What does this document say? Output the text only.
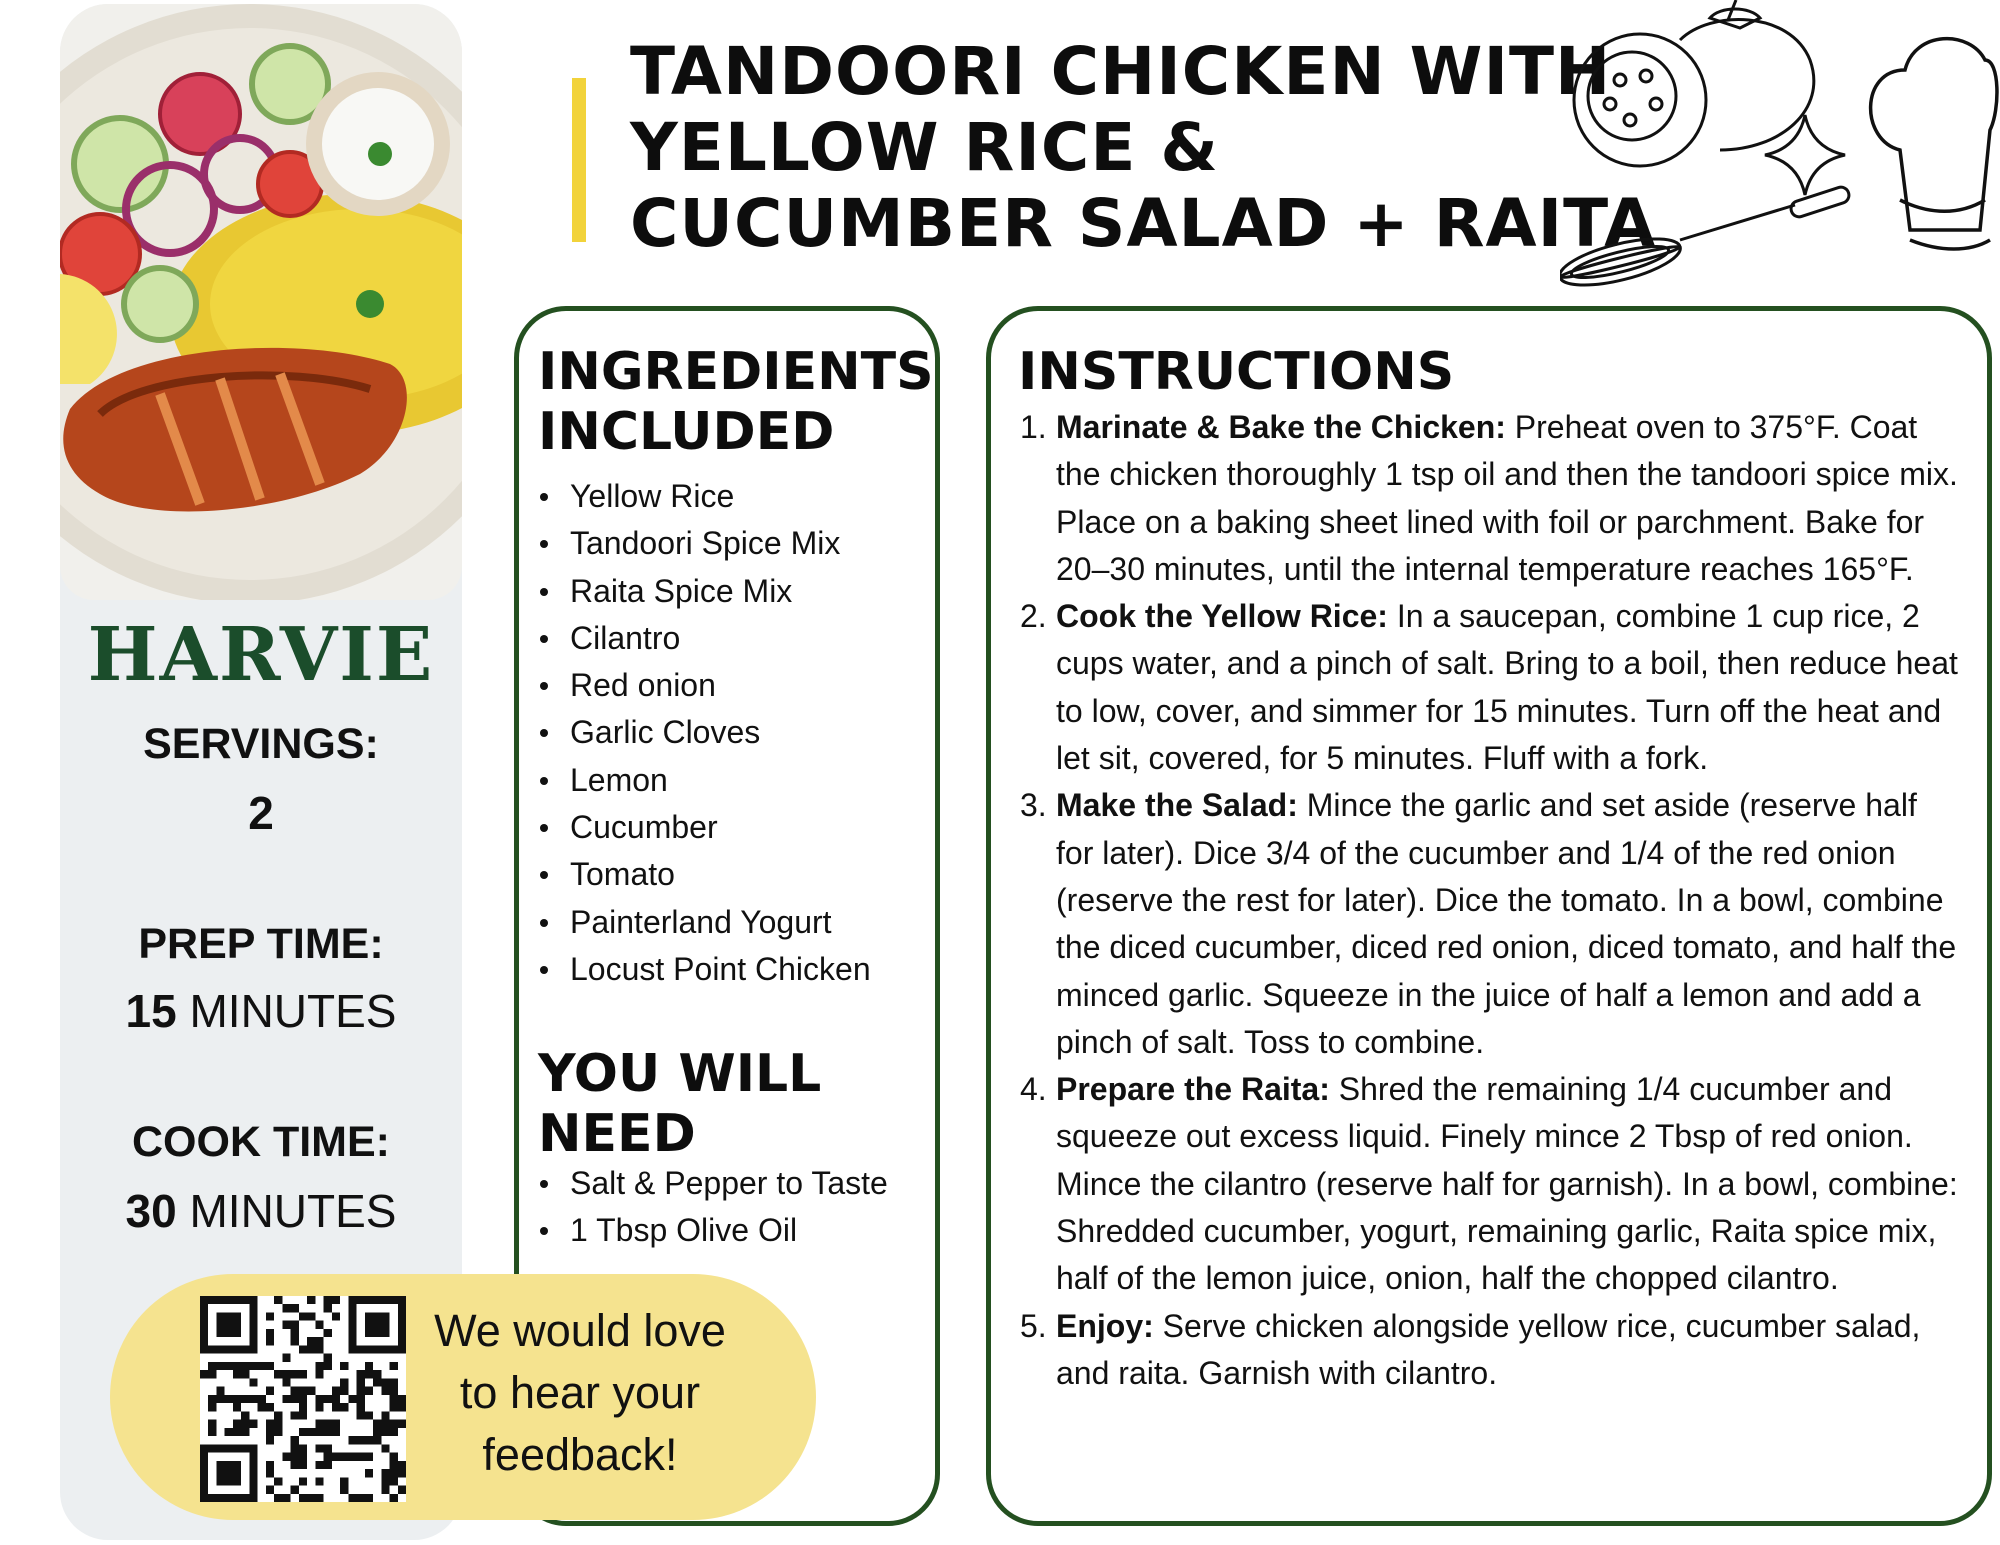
HARVIE
SERVINGS:
2
PREP TIME:
15 MINUTES
COOK TIME:
30 MINUTES
TANDOORI CHICKEN WITH
YELLOW RICE &
CUCUMBER SALAD + RAITA
INGREDIENTS
INCLUDED
Yellow Rice
Tandoori Spice Mix
Raita Spice Mix
Cilantro
Red onion
Garlic Cloves
Lemon
Cucumber
Tomato
Painterland Yogurt
Locust Point Chicken
YOU WILL
NEED
Salt & Pepper to Taste
1 Tbsp Olive Oil
INSTRUCTIONS
1. Marinate & Bake the Chicken: Preheat oven to 375°F. Coat the chicken thoroughly 1 tsp oil and then the tandoori spice mix. Place on a baking sheet lined with foil or parchment. Bake for 20–30 minutes, until the internal temperature reaches 165°F.
2. Cook the Yellow Rice: In a saucepan, combine 1 cup rice, 2 cups water, and a pinch of salt. Bring to a boil, then reduce heat to low, cover, and simmer for 15 minutes. Turn off the heat and let sit, covered, for 5 minutes. Fluff with a fork.
3. Make the Salad: Mince the garlic and set aside (reserve half for later). Dice 3/4 of the cucumber and 1/4 of the red onion (reserve the rest for later). Dice the tomato. In a bowl, combine the diced cucumber, diced red onion, diced tomato, and half the minced garlic. Squeeze in the juice of half a lemon and add a pinch of salt. Toss to combine.
4. Prepare the Raita: Shred the remaining 1/4 cucumber and squeeze out excess liquid. Finely mince 2 Tbsp of red onion. Mince the cilantro (reserve half for garnish). In a bowl, combine: Shredded cucumber, yogurt, remaining garlic, Raita spice mix, half of the lemon juice, onion, half the chopped cilantro.
5. Enjoy: Serve chicken alongside yellow rice, cucumber salad, and raita. Garnish with cilantro.
We would love
to hear your
feedback!
